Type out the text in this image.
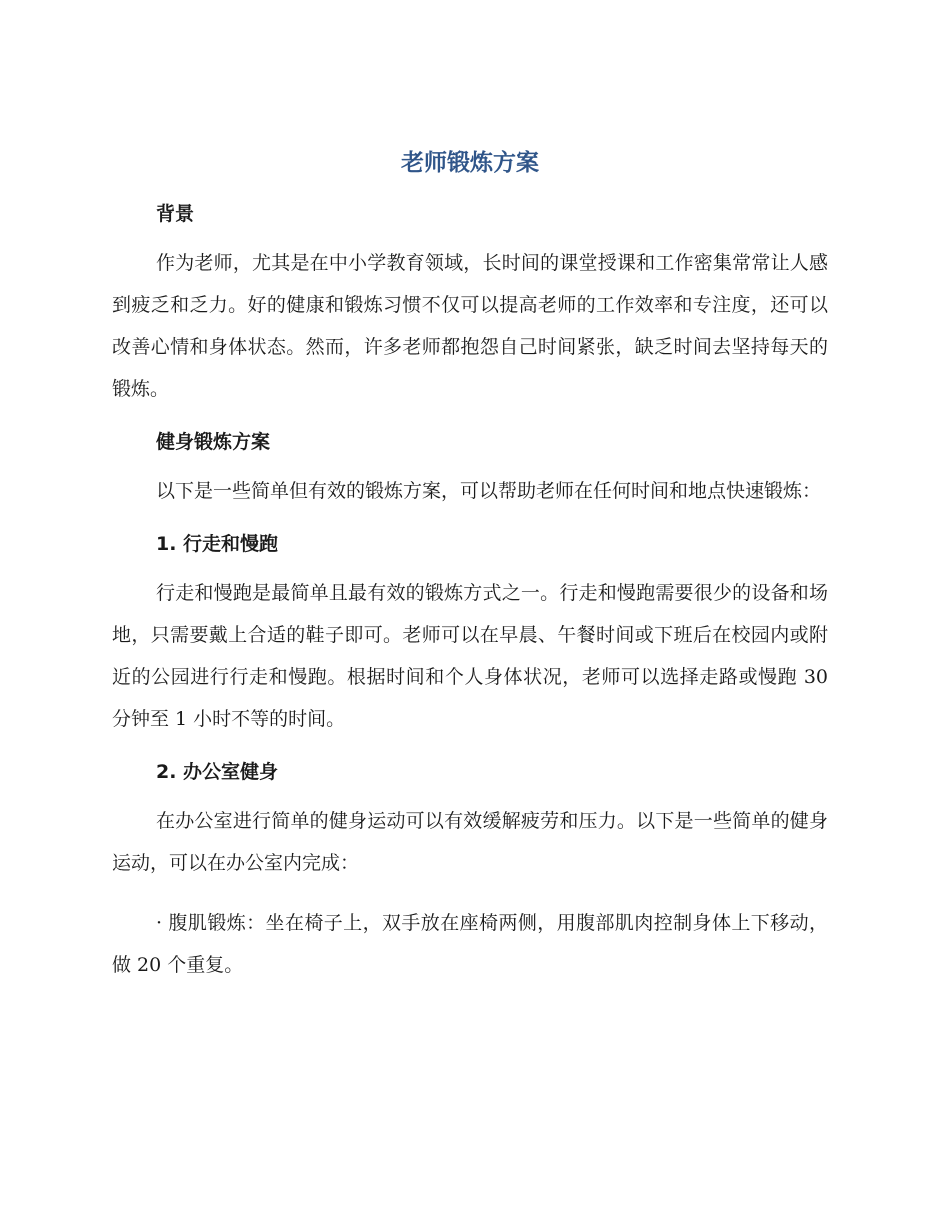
老师锻炼方案
背景

作为老师，尤其是在中小学教育领域，长时间的课堂授课和工作密集常常让人感到疲乏和乏力。好的健康和锻炼习惯不仅可以提高老师的工作效率和专注度，还可以改善心情和身体状态。然而，许多老师都抱怨自己时间紧张，缺乏时间去坚持每天的锻炼。

健身锻炼方案

以下是一些简单但有效的锻炼方案，可以帮助老师在任何时间和地点快速锻炼：

1. 行走和慢跑

行走和慢跑是最简单且最有效的锻炼方式之一。行走和慢跑需要很少的设备和场地，只需要戴上合适的鞋子即可。老师可以在早晨、午餐时间或下班后在校园内或附近的公园进行行走和慢跑。根据时间和个人身体状况，老师可以选择走路或慢跑 30 分钟至 1 小时不等的时间。

2. 办公室健身

在办公室进行简单的健身运动可以有效缓解疲劳和压力。以下是一些简单的健身运动，可以在办公室内完成：

· 腹肌锻炼：坐在椅子上，双手放在座椅两侧，用腹部肌肉控制身体上下移动，做 20 个重复。
